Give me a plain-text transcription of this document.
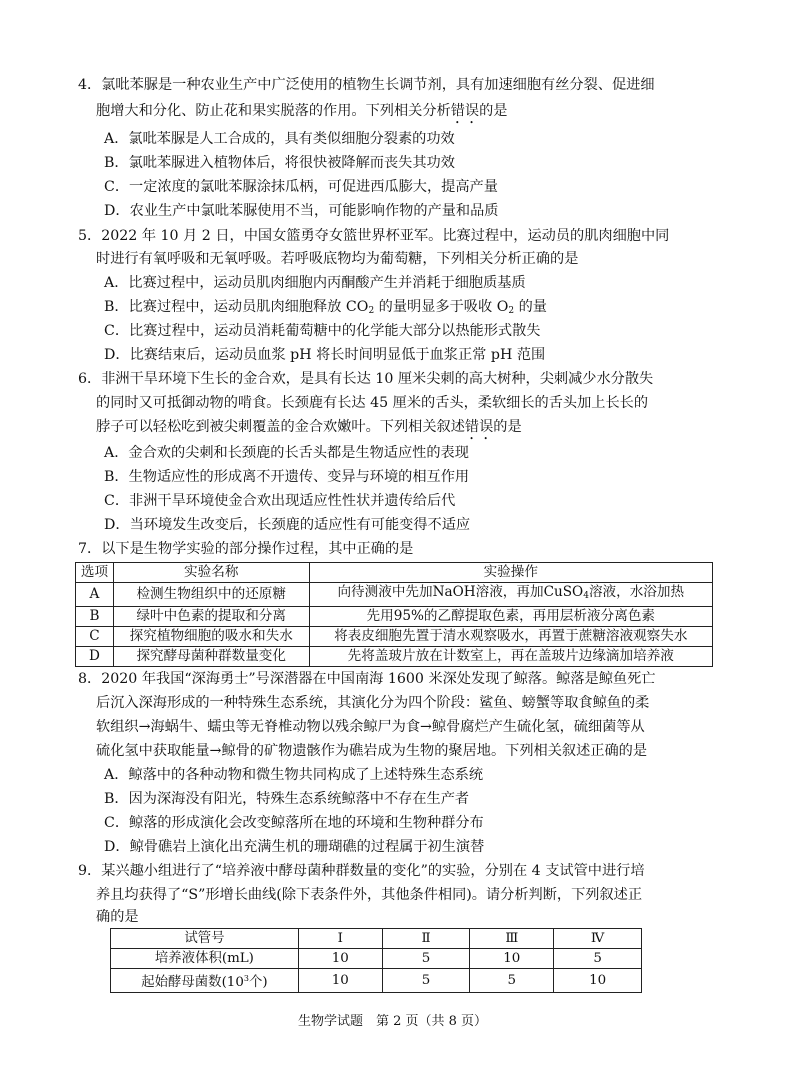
4．氯吡苯脲是一种农业生产中广泛使用的植物生长调节剂，具有加速细胞有丝分裂、促进细
胞增大和分化、防止花和果实脱落的作用。下列相关分析错误的是
A．氯吡苯脲是人工合成的，具有类似细胞分裂素的功效
B．氯吡苯脲进入植物体后，将很快被降解而丧失其功效
C．一定浓度的氯吡苯脲涂抹瓜柄，可促进西瓜膨大，提高产量
D．农业生产中氯吡苯脲使用不当，可能影响作物的产量和品质
5．2022 年 10 月 2 日，中国女篮勇夺女篮世界杯亚军。比赛过程中，运动员的肌肉细胞中同
时进行有氧呼吸和无氧呼吸。若呼吸底物均为葡萄糖，下列相关分析正确的是
A．比赛过程中，运动员肌肉细胞内丙酮酸产生并消耗于细胞质基质
B．比赛过程中，运动员肌肉细胞释放 $CO_2$ 的量明显多于吸收 $O_2$ 的量
C．比赛过程中，运动员消耗葡萄糖中的化学能大部分以热能形式散失
D．比赛结束后，运动员血浆 pH 将长时间明显低于血浆正常 pH 范围
6．非洲干旱环境下生长的金合欢，是具有长达 10 厘米尖刺的高大树种，尖刺减少水分散失
的同时又可抵御动物的啃食。长颈鹿有长达 45 厘米的舌头，柔软细长的舌头加上长长的
脖子可以轻松吃到被尖刺覆盖的金合欢嫩叶。下列相关叙述错误的是
A．金合欢的尖刺和长颈鹿的长舌头都是生物适应性的表现
B．生物适应性的形成离不开遗传、变异与环境的相互作用
C．非洲干旱环境使金合欢出现适应性性状并遗传给后代
D．当环境发生改变后，长颈鹿的适应性有可能变得不适应
7．以下是生物学实验的部分操作过程，其中正确的是
选项	实验名称	实验操作
A	检测生物组织中的还原糖	向待测液中先加NaOH溶液，再加CuSO$_4$溶液，水浴加热
B	绿叶中色素的提取和分离	先用95%的乙醇提取色素，再用层析液分离色素
C	探究植物细胞的吸水和失水	将表皮细胞先置于清水观察吸水，再置于蔗糖溶液观察失水
D	探究酵母菌种群数量变化	先将盖玻片放在计数室上，再在盖玻片边缘滴加培养液
8．2020 年我国“深海勇士”号深潜器在中国南海 1600 米深处发现了鲸落。鲸落是鲸鱼死亡
后沉入深海形成的一种特殊生态系统，其演化分为四个阶段：鲨鱼、螃蟹等取食鲸鱼的柔
软组织→海蜗牛、蠕虫等无脊椎动物以残余鲸尸为食→鲸骨腐烂产生硫化氢，硫细菌等从
硫化氢中获取能量→鲸骨的矿物遗骸作为礁岩成为生物的聚居地。下列相关叙述正确的是
A．鲸落中的各种动物和微生物共同构成了上述特殊生态系统
B．因为深海没有阳光，特殊生态系统鲸落中不存在生产者
C．鲸落的形成演化会改变鲸落所在地的环境和生物种群分布
D．鲸骨礁岩上演化出充满生机的珊瑚礁的过程属于初生演替
9．某兴趣小组进行了“培养液中酵母菌种群数量的变化”的实验，分别在 4 支试管中进行培
养且均获得了“S”形增长曲线(除下表条件外，其他条件相同)。请分析判断，下列叙述正
确的是
试管号	Ⅰ	Ⅱ	Ⅲ	Ⅳ
培养液体积(mL)	10	5	10	5
起始酵母菌数($10^3$个)	10	5	5	10
生物学试题　第 2 页（共 8 页）
